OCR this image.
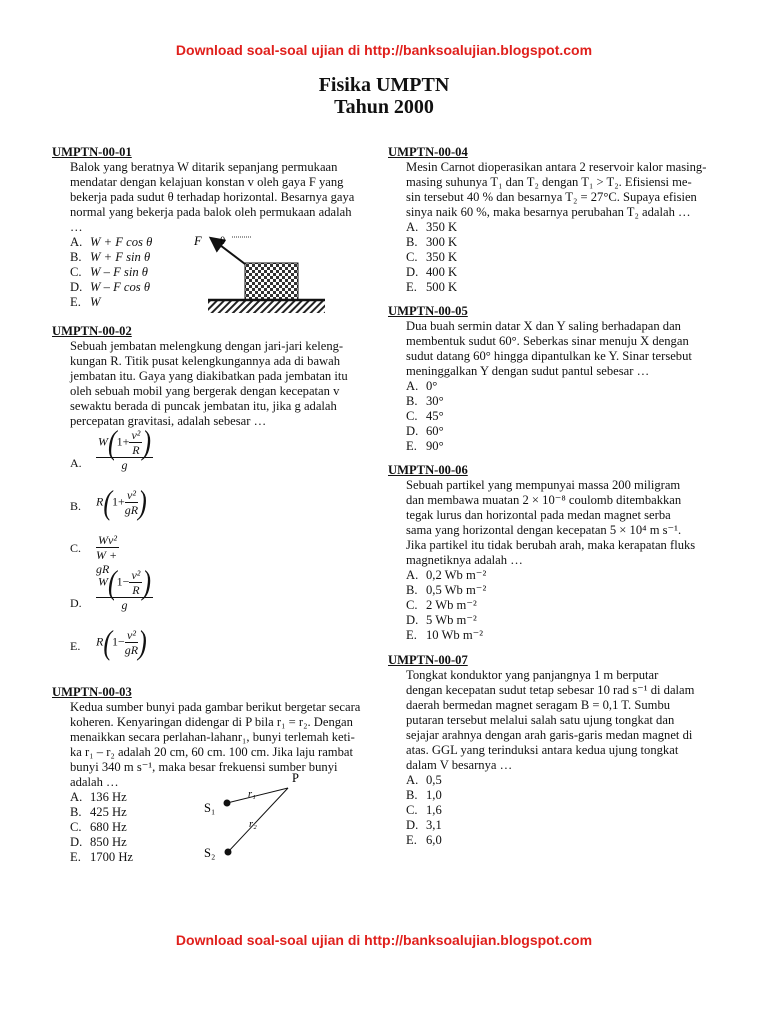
Download soal-soal ujian di http://banksoalujian.blogspot.com
Fisika UMPTN
Tahun 2000
UMPTN-00-01
Balok yang beratnya W ditarik sepanjang permukaan
mendatar dengan kelajuan konstan v oleh gaya F yang
bekerja pada sudut θ terhadap horizontal. Besarnya gaya
normal yang bekerja pada balok oleh permukaan adalah
…
A. W + F cos θ
B. W + F sin θ
C. W – F sin θ
D. W – F cos θ
E. W
UMPTN-00-02
Sebuah jembatan melengkung dengan jari-jari keleng-
kungan R. Titik pusat kelengkungannya ada di bawah
jembatan itu. Gaya yang diakibatkan pada jembatan itu
oleh sebuah mobil yang bergerak dengan kecepatan v
sewaktu berada di puncak jembatan itu, jika g adalah
percepatan gravitasi, adalah sebesar …
UMPTN-00-03
Kedua sumber bunyi pada gambar berikut bergetar secara
koheren. Kenyaringan didengar di P bila r₁ = r₂. Dengan
menaikkan secara perlahan-lahanr₁, bunyi terlemah keti-
ka r₁ – r₂ adalah 20 cm, 60 cm. 100 cm. Jika laju rambat
bunyi 340 m s⁻¹, maka besar frekuensi sumber bunyi
adalah …
A. 136 Hz
B. 425 Hz
C. 680 Hz
D. 850 Hz
E. 1700 Hz
UMPTN-00-04
Mesin Carnot dioperasikan antara 2 reservoir kalor masing-
masing suhunya T₁ dan T₂ dengan T₁ > T₂. Efisiensi me-
sin tersebut 40 % dan besarnya T₂ = 27°C. Supaya efisien
sinya naik 60 %, maka besarnya perubahan T₂ adalah …
A. 350 K
B. 300 K
C. 350 K
D. 400 K
E. 500 K
UMPTN-00-05
Dua buah sermin datar X dan Y saling berhadapan dan
membentuk sudut 60°. Seberkas sinar menuju X dengan
sudut datang 60° hingga dipantulkan ke Y. Sinar tersebut
meninggalkan Y dengan sudut pantul sebesar …
A. 0°
B. 30°
C. 45°
D. 60°
E. 90°
UMPTN-00-06
Sebuah partikel yang mempunyai massa 200 miligram
dan membawa muatan 2 × 10⁻⁸ coulomb ditembakkan
tegak lurus dan horizontal pada medan magnet serba
sama yang horizontal dengan kecepatan 5 × 10⁴ m s⁻¹.
Jika partikel itu tidak berubah arah, maka kerapatan fluks
magnetiknya adalah …
A. 0,2 Wb m⁻²
B. 0,5 Wb m⁻²
C. 2 Wb m⁻²
D. 5 Wb m⁻²
E. 10 Wb m⁻²
UMPTN-00-07
Tongkat konduktor yang panjangnya 1 m berputar
dengan kecepatan sudut tetap sebesar 10 rad s⁻¹ di dalam
daerah bermedan magnet seragam B = 0,1 T. Sumbu
putaran tersebut melalui salah satu ujung tongkat dan
sejajar arahnya dengan arah garis-garis medan magnet di
atas. GGL yang terinduksi antara kedua ujung tongkat
dalam V besarnya …
A. 0,5
B. 1,0
C. 1,6
D. 3,1
E. 6,0
A. $\frac{W(1+ \frac{\text{v²}}{R} )}{g}$
B. $R(1+ \frac{\text{v²}}{gR}$ )
C. $\frac{\text{Wv²}}{W + gR}$
D. $\frac{W(1- \frac{\text{v²}}{R} )}{g}$
E. $R(1- \frac{\text{v²}}{gR}$ )
F θ
P
S₁
S₂
r₁
r₂
Download soal-soal ujian di http://banksoalujian.blogspot.com
